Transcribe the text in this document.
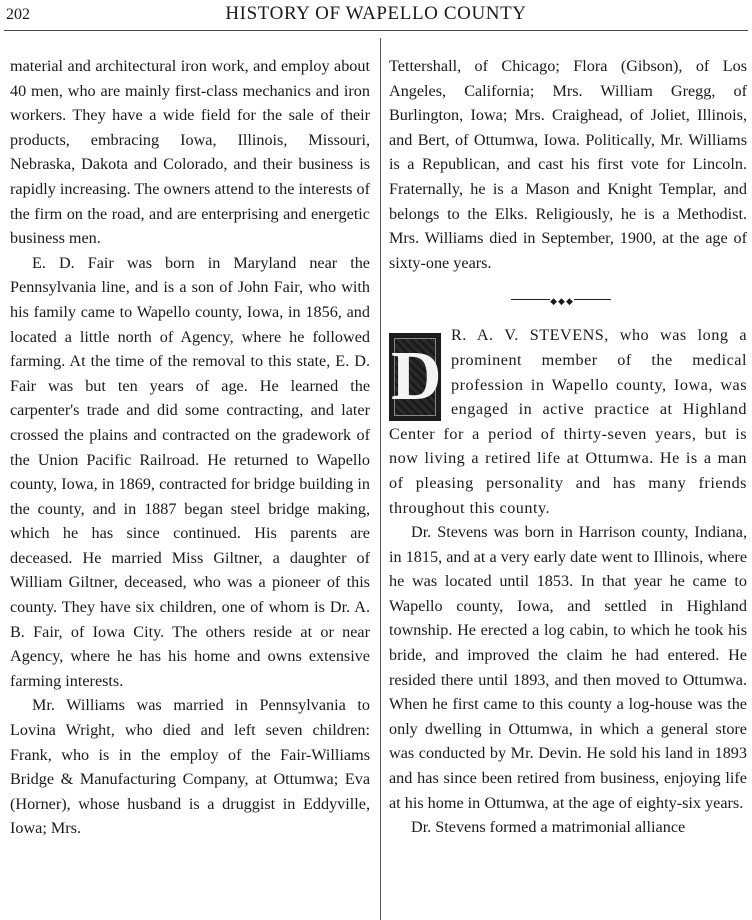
202	HISTORY OF WAPELLO COUNTY

material and architectural iron work, and employ about 40 men, who are mainly first-class mechanics and iron workers. They have a wide field for the sale of their products, embracing Iowa, Illinois, Missouri, Nebraska, Dakota and Colorado, and their business is rapidly increasing. The owners attend to the interests of the firm on the road, and are enterprising and energetic business men.

E. D. Fair was born in Maryland near the Pennsylvania line, and is a son of John Fair, who with his family came to Wapello county, Iowa, in 1856, and located a little north of Agency, where he followed farming. At the time of the removal to this state, E. D. Fair was but ten years of age. He learned the carpenter's trade and did some contracting, and later crossed the plains and contracted on the gradework of the Union Pacific Railroad. He returned to Wapello county, Iowa, in 1869, contracted for bridge building in the county, and in 1887 began steel bridge making, which he has since continued. His parents are deceased. He married Miss Giltner, a daughter of William Giltner, deceased, who was a pioneer of this county. They have six children, one of whom is Dr. A. B. Fair, of Iowa City. The others reside at or near Agency, where he has his home and owns extensive farming interests.

Mr. Williams was married in Pennsylvania to Lovina Wright, who died and left seven children: Frank, who is in the employ of the Fair-Williams Bridge & Manufacturing Company, at Ottumwa; Eva (Horner), whose husband is a druggist in Eddyville, Iowa; Mrs.

Tettershall, of Chicago; Flora (Gibson), of Los Angeles, California; Mrs. William Gregg, of Burlington, Iowa; Mrs. Craighead, of Joliet, Illinois, and Bert, of Ottumwa, Iowa. Politically, Mr. Williams is a Republican, and cast his first vote for Lincoln. Fraternally, he is a Mason and Knight Templar, and belongs to the Elks. Religiously, he is a Methodist. Mrs. Williams died in September, 1900, at the age of sixty-one years.

◆◆◆
D

R. A. V. STEVENS, who was long a prominent member of the medical profession in Wapello county, Iowa, was engaged in active practice at Highland Center for a period of thirty-seven years, but is now living a retired life at Ottumwa. He is a man of pleasing personality and has many friends throughout this county.

Dr. Stevens was born in Harrison county, Indiana, in 1815, and at a very early date went to Illinois, where he was located until 1853. In that year he came to Wapello county, Iowa, and settled in Highland township. He erected a log cabin, to which he took his bride, and improved the claim he had entered. He resided there until 1893, and then moved to Ottumwa. When he first came to this county a log-house was the only dwelling in Ottumwa, in which a general store was conducted by Mr. Devin. He sold his land in 1893 and has since been retired from business, enjoying life at his home in Ottumwa, at the age of eighty-six years.

Dr. Stevens formed a matrimonial alliance
